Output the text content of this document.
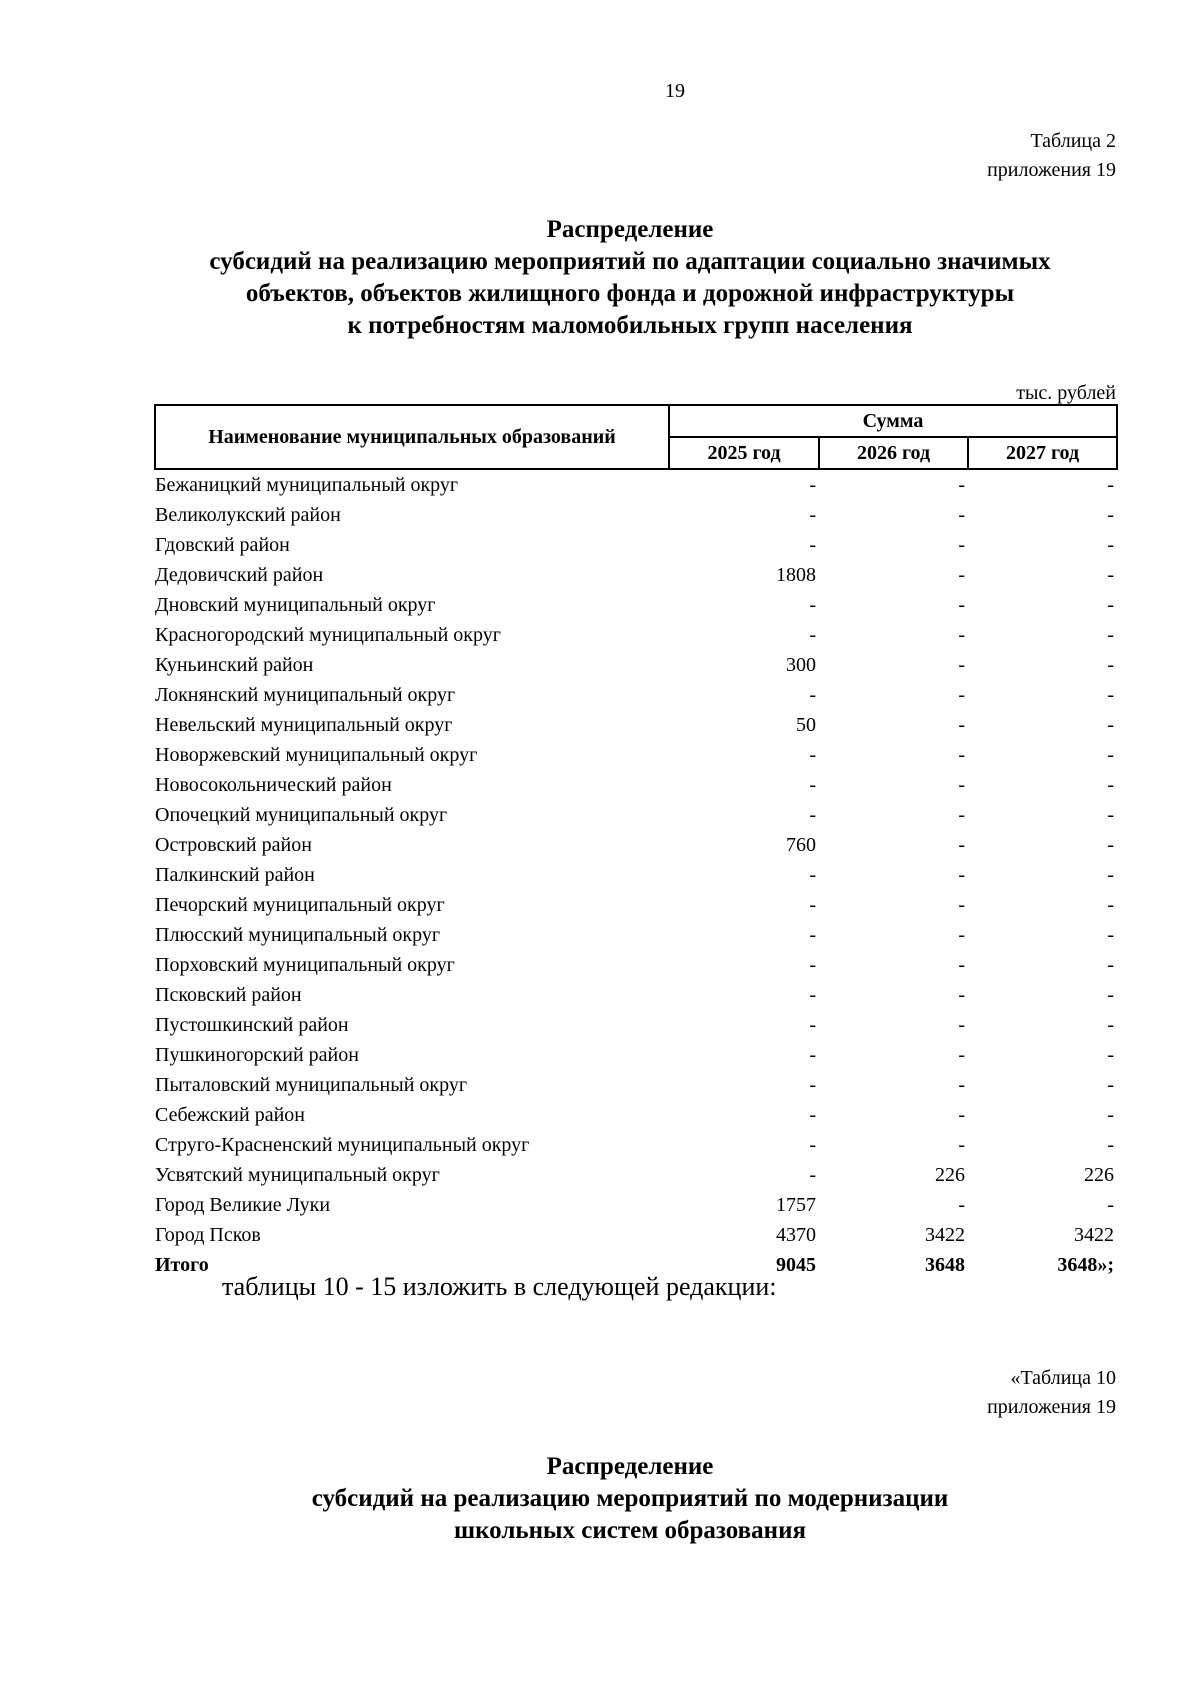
19
Таблица 2
приложения 19
Распределение
субсидий на реализацию мероприятий по адаптации социально значимых
объектов, объектов жилищного фонда и дорожной инфраструктуры
к потребностям маломобильных групп населения
тыс. рублей
Наименование муниципальных образований	Сумма		
	2025 год	2026 год	2027 год
Бежаницкий муниципальный округ	-	-	-
Великолукский район	-	-	-
Гдовский район	-	-	-
Дедовичский район	1808	-	-
Дновский муниципальный округ	-	-	-
Красногородский муниципальный округ	-	-	-
Куньинский район	300	-	-
Локнянский муниципальный округ	-	-	-
Невельский муниципальный округ	50	-	-
Новоржевский муниципальный округ	-	-	-
Новосокольнический район	-	-	-
Опочецкий муниципальный округ	-	-	-
Островский район	760	-	-
Палкинский район	-	-	-
Печорский муниципальный округ	-	-	-
Плюсский муниципальный округ	-	-	-
Порховский муниципальный округ	-	-	-
Псковский район	-	-	-
Пустошкинский район	-	-	-
Пушкиногорский район	-	-	-
Пыталовский муниципальный округ	-	-	-
Себежский район	-	-	-
Струго-Красненский муниципальный округ	-	-	-
Усвятский муниципальный округ	-	226	226
Город Великие Луки	1757	-	-
Город Псков	4370	3422	3422
Итого	9045	3648	3648»;
таблицы 10 - 15 изложить в следующей редакции:
«Таблица 10
приложения 19
Распределение
субсидий на реализацию мероприятий по модернизации
школьных систем образования
